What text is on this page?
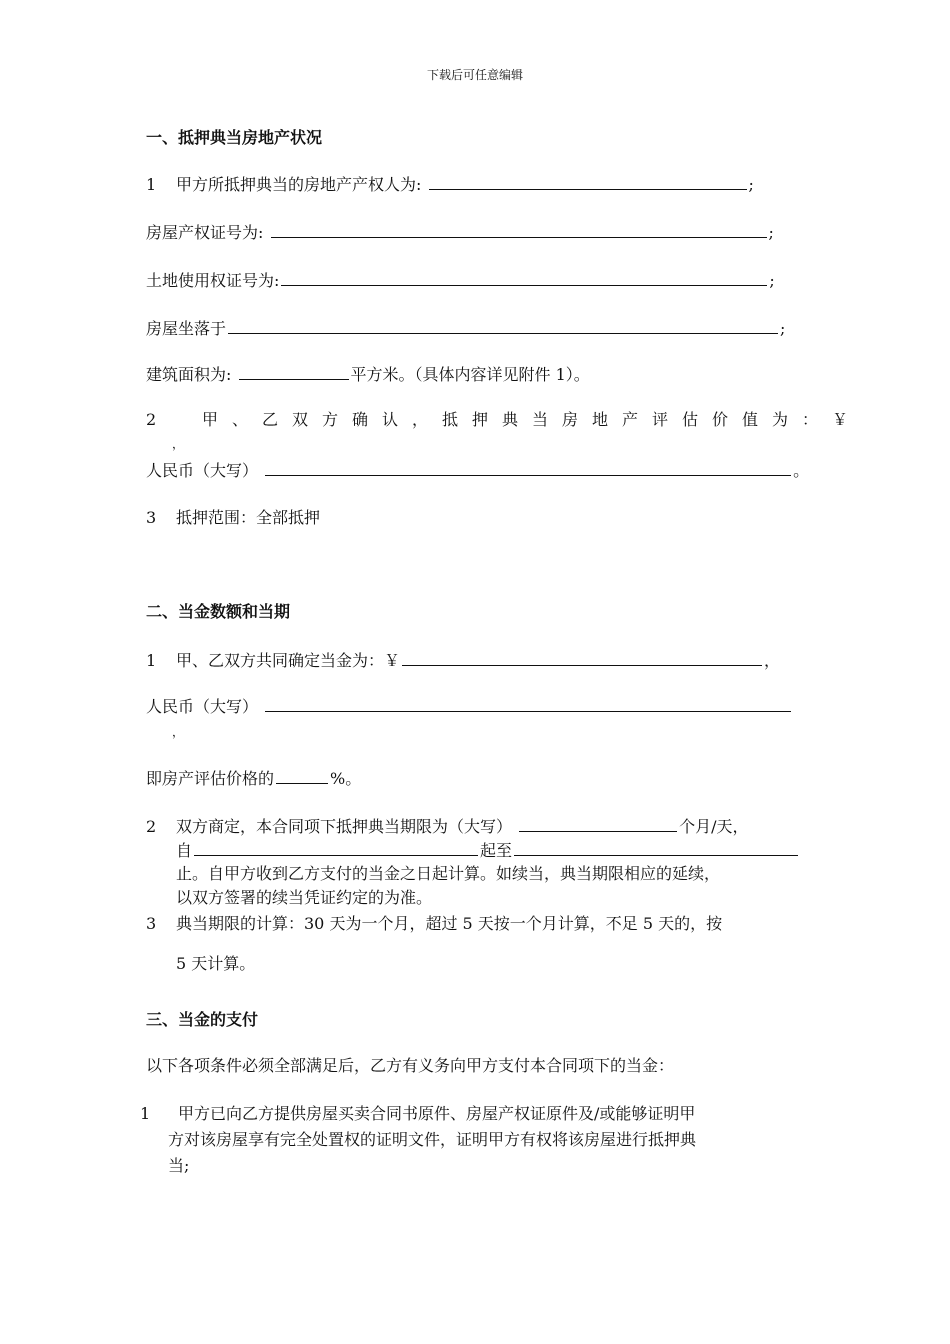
下载后可任意编辑
一、抵押典当房地产状况
1 甲方所抵押典当的房地产产权人为:	;
房屋产权证号为:	;
土地使用权证号为:	;
房屋坐落于	;
建筑面积为:	平方米。（具体内容详见附件 1）。
2	甲、乙双方确认，抵押典当房地产评估价值为：￥
，
人民币（大写）	。
3 抵押范围：全部抵押
二、当金数额和当期
1 甲、乙双方共同确定当金为：￥	，
人民币（大写）
，
即房产评估价格的	%。
2 双方商定，本合同项下抵押典当期限为（大写）	个月/天，
自	起至
止。自甲方收到乙方支付的当金之日起计算。如续当，典当期限相应的延续，
以双方签署的续当凭证约定的为准。
3 典当期限的计算：30 天为一个月，超过 5 天按一个月计算，不足 5 天的，按
5 天计算。
三、当金的支付
以下各项条件必须全部满足后，乙方有义务向甲方支付本合同项下的当金：
1 甲方已向乙方提供房屋买卖合同书原件、房屋产权证原件及/或能够证明甲
方对该房屋享有完全处置权的证明文件，证明甲方有权将该房屋进行抵押典
当;
